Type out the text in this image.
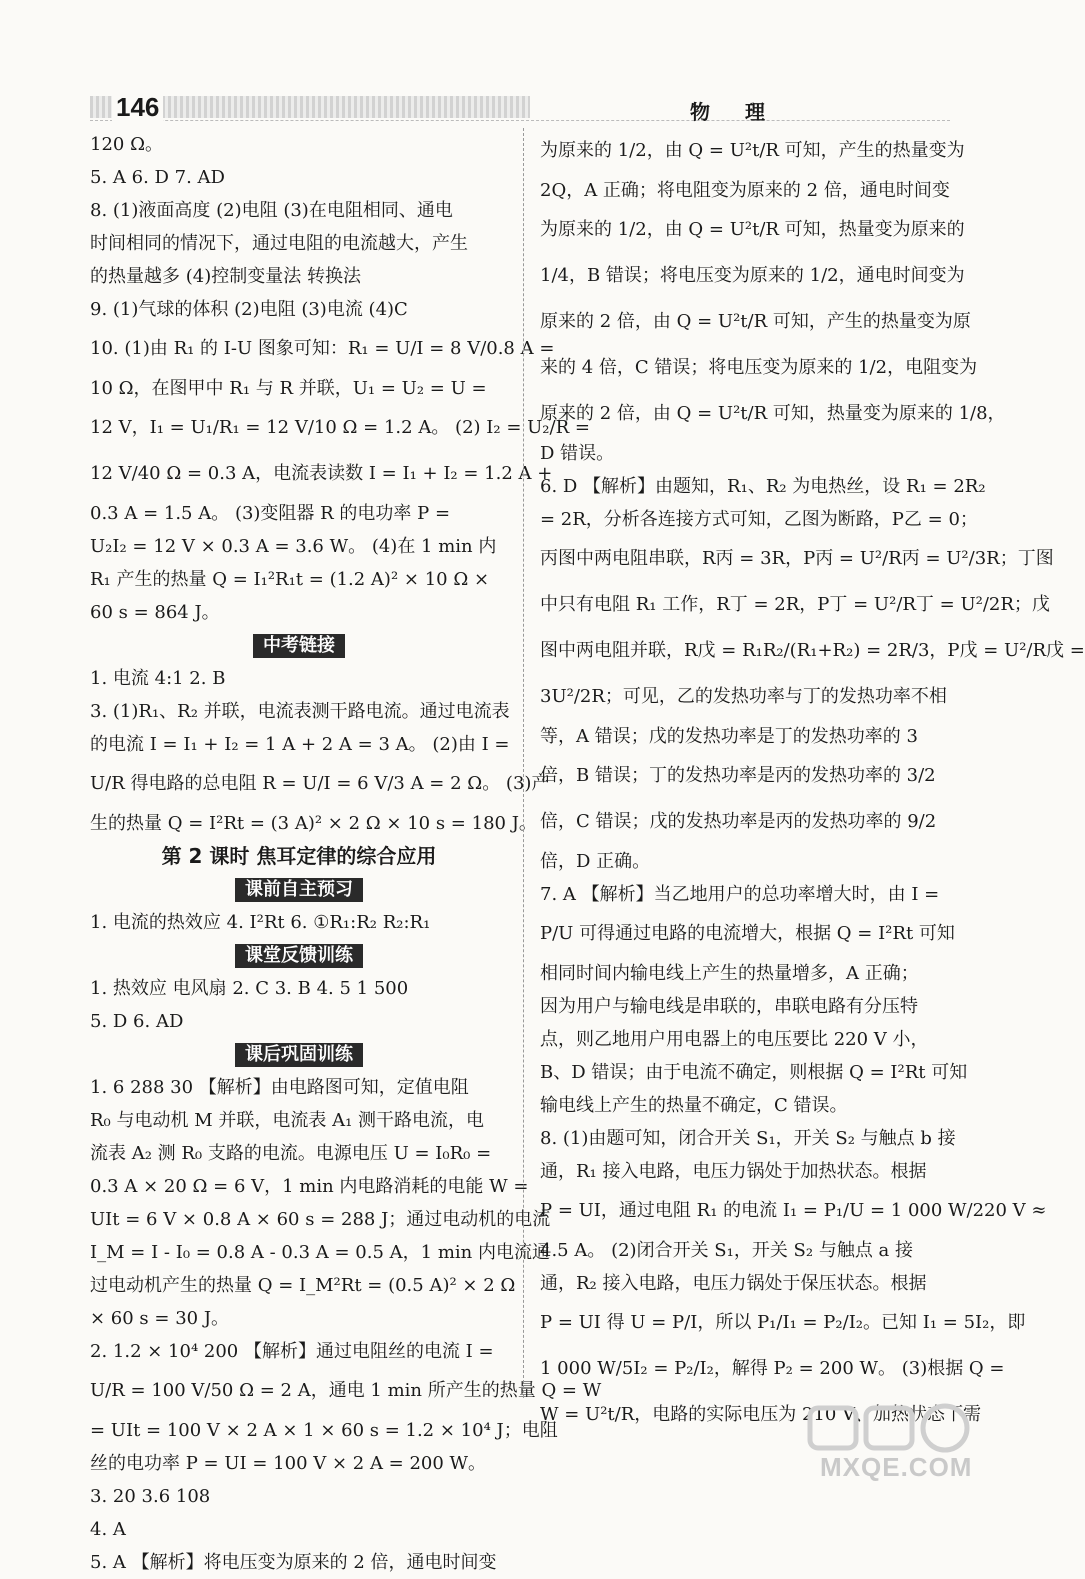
146	物 理
120 Ω。
5. A 6. D 7. AD
8. (1)液面高度 (2)电阻 (3)在电阻相同、通电
时间相同的情况下，通过电阻的电流越大，产生
的热量越多 (4)控制变量法 转换法
9. (1)气球的体积 (2)电阻 (3)电流 (4)C
10. (1)由 R₁ 的 I-U 图象可知：R₁ = U/I = 8 V/0.8 A =
10 Ω，在图甲中 R₁ 与 R 并联，U₁ = U₂ = U =
12 V，I₁ = U₁/R₁ = 12 V/10 Ω = 1.2 A。 (2) I₂ = U₂/R =
12 V/40 Ω = 0.3 A，电流表读数 I = I₁ + I₂ = 1.2 A +
0.3 A = 1.5 A。 (3)变阻器 R 的电功率 P =
U₂I₂ = 12 V × 0.3 A = 3.6 W。 (4)在 1 min 内
R₁ 产生的热量 Q = I₁²R₁t = (1.2 A)² × 10 Ω ×
60 s = 864 J。
中考链接
1. 电流 4:1 2. B
3. (1)R₁、R₂ 并联，电流表测干路电流。通过电流表
的电流 I = I₁ + I₂ = 1 A + 2 A = 3 A。 (2)由 I =
U/R 得电路的总电阻 R = U/I = 6 V/3 A = 2 Ω。 (3)产
生的热量 Q = I²Rt = (3 A)² × 2 Ω × 10 s = 180 J。
第 2 课时 焦耳定律的综合应用
课前自主预习
1. 电流的热效应 4. I²Rt 6. ①R₁:R₂ R₂:R₁
课堂反馈训练
1. 热效应 电风扇 2. C 3. B 4. 5 1 500
5. D 6. AD
课后巩固训练
1. 6 288 30 【解析】由电路图可知，定值电阻
R₀ 与电动机 M 并联，电流表 A₁ 测干路电流，电
流表 A₂ 测 R₀ 支路的电流。电源电压 U = I₀R₀ =
0.3 A × 20 Ω = 6 V，1 min 内电路消耗的电能 W =
UIt = 6 V × 0.8 A × 60 s = 288 J；通过电动机的电流
I_M = I - I₀ = 0.8 A - 0.3 A = 0.5 A，1 min 内电流通
过电动机产生的热量 Q = I_M²Rt = (0.5 A)² × 2 Ω
× 60 s = 30 J。
2. 1.2 × 10⁴ 200 【解析】通过电阻丝的电流 I =
U/R = 100 V/50 Ω = 2 A，通电 1 min 所产生的热量 Q = W
= UIt = 100 V × 2 A × 1 × 60 s = 1.2 × 10⁴ J；电阻
丝的电功率 P = UI = 100 V × 2 A = 200 W。
3. 20 3.6 108
4. A
5. A 【解析】将电压变为原来的 2 倍，通电时间变
为原来的 1/2，由 Q = U²t/R 可知，产生的热量变为
2Q，A 正确；将电阻变为原来的 2 倍，通电时间变
为原来的 1/2，由 Q = U²t/R 可知，热量变为原来的
1/4，B 错误；将电压变为原来的 1/2，通电时间变为
原来的 2 倍，由 Q = U²t/R 可知，产生的热量变为原
来的 4 倍，C 错误；将电压变为原来的 1/2，电阻变为
原来的 2 倍，由 Q = U²t/R 可知，热量变为原来的 1/8，
D 错误。
6. D 【解析】由题知，R₁、R₂ 为电热丝，设 R₁ = 2R₂
= 2R，分析各连接方式可知，乙图为断路，P乙 = 0；
丙图中两电阻串联，R丙 = 3R，P丙 = U²/R丙 = U²/3R；丁图
中只有电阻 R₁ 工作，R丁 = 2R，P丁 = U²/R丁 = U²/2R；戊
图中两电阻并联，R戊 = R₁R₂/(R₁+R₂) = 2R/3，P戊 = U²/R戊 =
3U²/2R；可见，乙的发热功率与丁的发热功率不相
等，A 错误；戊的发热功率是丁的发热功率的 3
倍，B 错误；丁的发热功率是丙的发热功率的 3/2
倍，C 错误；戊的发热功率是丙的发热功率的 9/2
倍，D 正确。
7. A 【解析】当乙地用户的总功率增大时，由 I =
P/U 可得通过电路的电流增大，根据 Q = I²Rt 可知
相同时间内输电线上产生的热量增多，A 正确；
因为用户与输电线是串联的，串联电路有分压特
点，则乙地用户用电器上的电压要比 220 V 小，
B、D 错误；由于电流不确定，则根据 Q = I²Rt 可知
输电线上产生的热量不确定，C 错误。
8. (1)由题可知，闭合开关 S₁，开关 S₂ 与触点 b 接
通，R₁ 接入电路，电压力锅处于加热状态。根据
P = UI，通过电阻 R₁ 的电流 I₁ = P₁/U = 1 000 W/220 V ≈
4.5 A。 (2)闭合开关 S₁，开关 S₂ 与触点 a 接
通，R₂ 接入电路，电压力锅处于保压状态。根据
P = UI 得 U = P/I，所以 P₁/I₁ = P₂/I₂。已知 I₁ = 5I₂，即
1 000 W/5I₂ = P₂/I₂，解得 P₂ = 200 W。 (3)根据 Q =
W = U²t/R，电路的实际电压为 210 V、加热状态下需
MXQE.COM
